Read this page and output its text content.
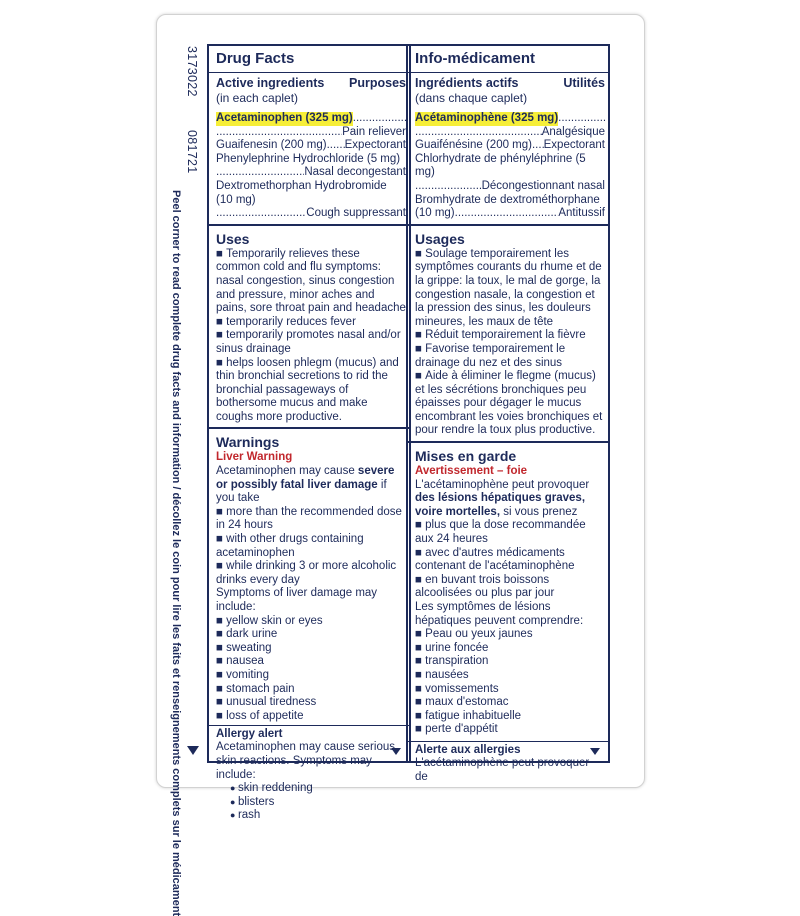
3173022
081721
Peel corner to read complete drug facts and information / décollez le coin pour lire les faits et renseignements complets sur le médicament
Drug Facts
Active ingredients Purposes
(in each caplet)
Acetaminophen (325 mg)
.....
.....
Pain reliever
Guaifenesin (200 mg) ..... Expectorant
Phenylephrine Hydrochloride (5 mg)
.....
Nasal decongestant
Dextromethorphan Hydrobromide (10 mg)
.....
Cough suppressant
Uses
■ Temporarily relieves these common cold and flu symptoms: nasal congestion, sinus congestion and pressure, minor aches and pains, sore throat pain and headache
■ temporarily reduces fever
■ temporarily promotes nasal and/or sinus drainage
■ helps loosen phlegm (mucus) and thin bronchial secretions to rid the bronchial passageways of bothersome mucus and make coughs more productive.
Warnings
Liver Warning
Acetaminophen may cause severe or possibly fatal liver damage if you take
■ more than the recommended dose in 24 hours
■ with other drugs containing acetaminophen
■ while drinking 3 or more alcoholic drinks every day
Symptoms of liver damage may include:
■ yellow skin or eyes
■ dark urine
■ sweating
■ nausea
■ vomiting
■ stomach pain
■ unusual tiredness
■ loss of appetite
Allergy alert
Acetaminophen may cause serious skin reactions. Symptoms may include:
● skin reddening
● blisters
● rash
Info-médicament
Ingrédients actifs	Utilités
(dans chaque caplet)
Acétaminophène (325 mg)
.....
.....
Analgésique
Guaifénésine (200 mg) ..... Expectorant
Chlorhydrate de phényléphrine (5 mg)
.....
Décongestionnant nasal
Bromhydrate de dextrométhorphane
(10 mg) .....	Antitussif
Usages
■ Soulage temporairement les symptômes courants du rhume et de la grippe: la toux, le mal de gorge, la congestion nasale, la congestion et la pression des sinus, les douleurs mineures, les maux de tête
■ Réduit temporairement la fièvre
■ Favorise temporairement le drainage du nez et des sinus
■ Aide à éliminer le flegme (mucus) et les sécrétions bronchiques peu épaisses pour dégager le mucus encombrant les voies bronchiques et pour rendre la toux plus productive.
Mises en garde
Avertissement – foie
L'acétaminophène peut provoquer des lésions hépatiques graves, voire mortelles, si vous prenez
■ plus que la dose recommandée aux 24 heures
■ avec d'autres médicaments contenant de l'acétaminophène
■ en buvant trois boissons alcoolisées ou plus par jour
Les symptômes de lésions hépatiques peuvent comprendre:
■ Peau ou yeux jaunes
■ urine foncée
■ transpiration
■ nausées
■ vomissements
■ maux d'estomac
■ fatigue inhabituelle
■ perte d'appétit
Alerte aux allergies
L'acétaminophène peut provoquer de
